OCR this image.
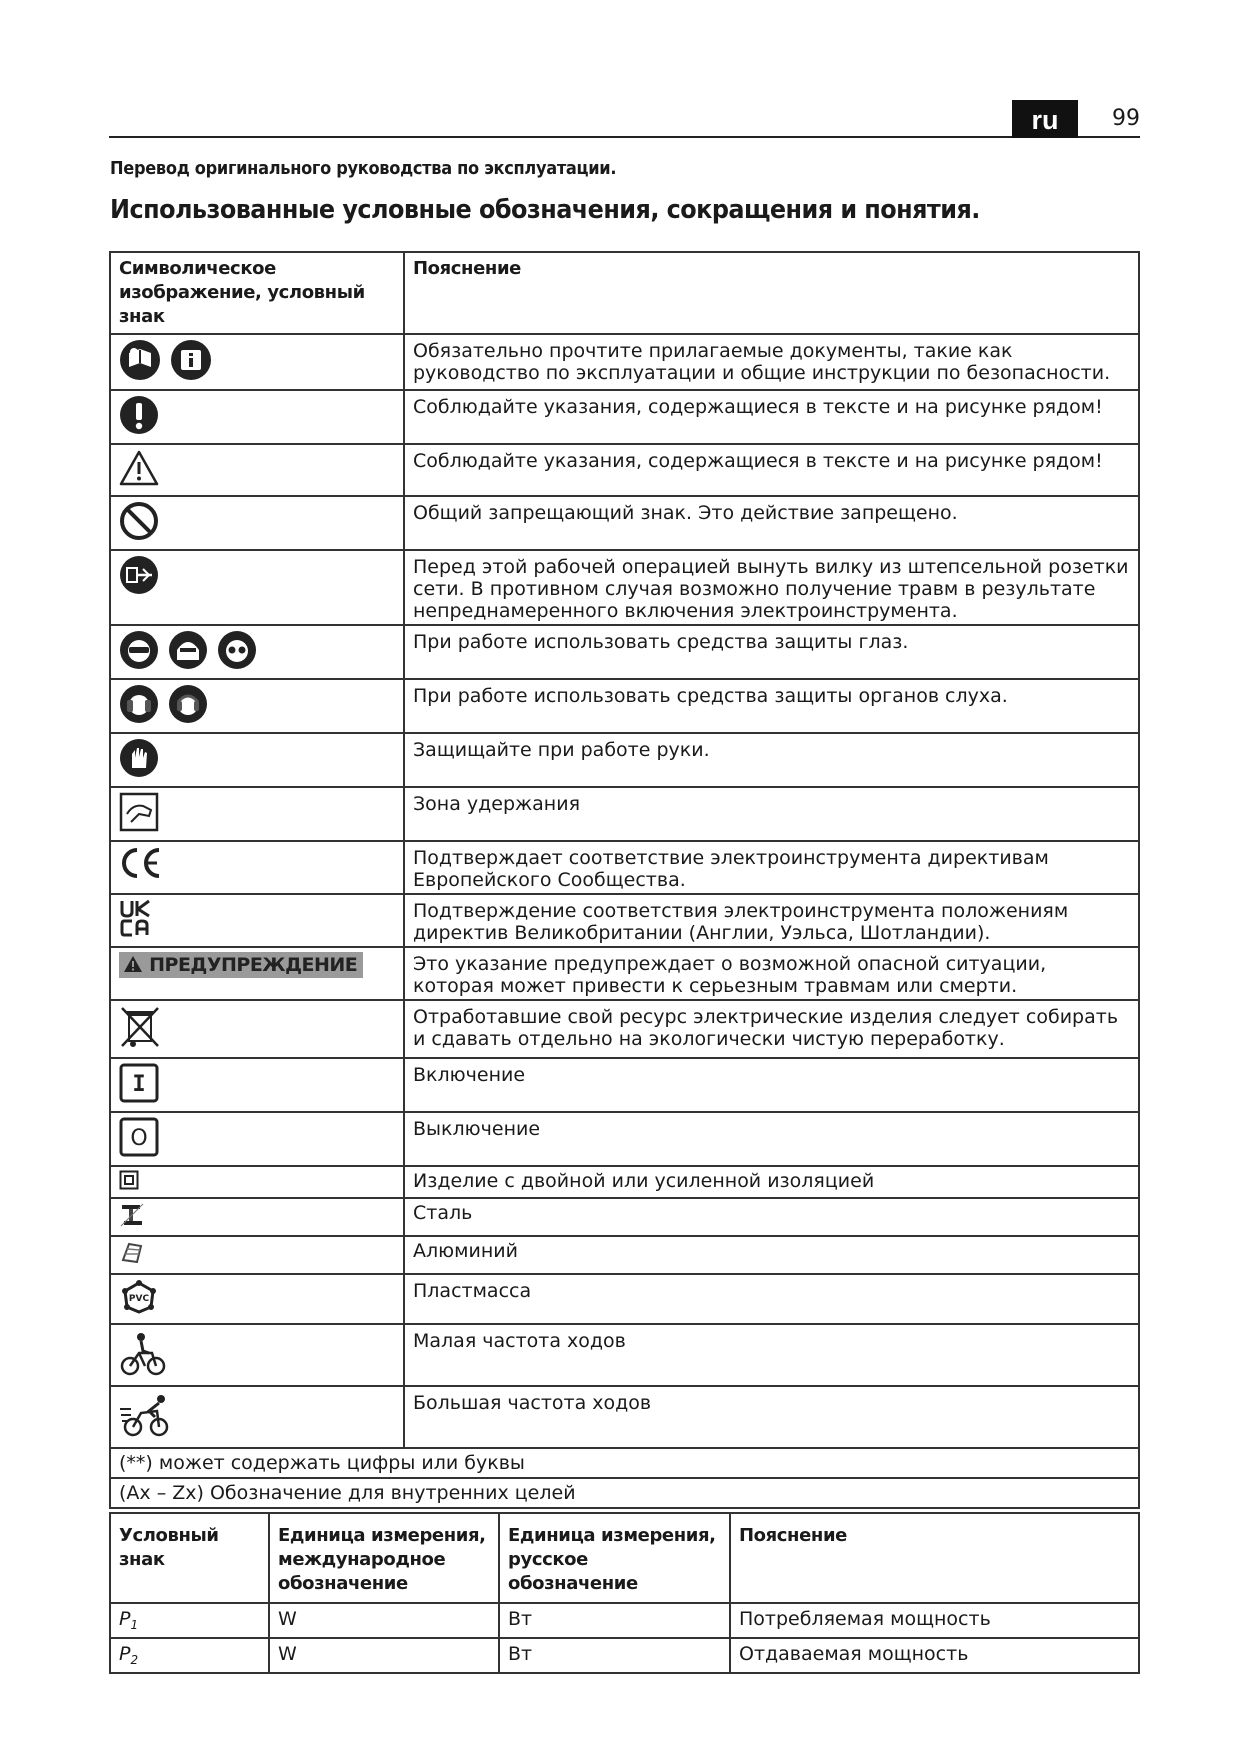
ru	99
Перевод оригинального руководства по эксплуатации.
Использованные условные обозначения, сокращения и понятия.
Символическое изображение, условный знак	Пояснение
	Обязательно прочтите прилагаемые документы, такие как руководство по эксплуатации и общие инструкции по безопасности.
	Соблюдайте указания, содержащиеся в тексте и на рисунке рядом!
	Соблюдайте указания, содержащиеся в тексте и на рисунке рядом!
	Общий запрещающий знак. Это действие запрещено.
	Перед этой рабочей операцией вынуть вилку из штепсельной розетки сети. В противном случая возможно получение травм в результате непреднамеренного включения электроинструмента.
	При работе использовать средства защиты глаз.
	При работе использовать средства защиты органов слуха.
	Защищайте при работе руки.
	Зона удержания
	Подтверждает соответствие электроинструмента директивам Европейского Сообщества.
	Подтверждение соответствия электроинструмента положениям директив Великобритании (Англии, Уэльса, Шотландии).
ПРЕДУПРЕЖДЕНИЕ	Это указание предупреждает о возможной опасной ситуации, которая может привести к серьезным травмам или смерти.
	Отработавшие свой ресурс электрические изделия следует собирать и сдавать отдельно на экологически чистую переработку.

I	Включение

O	Выключение
	Изделие с двойной или усиленной изоляцией
	Сталь
	Алюминий

PVC	Пластмасса
	Малая частота ходов
	Большая частота ходов
(**) может содержать цифры или буквы	
(Ax – Zx) Обозначение для внутренних целей	
Условный знак	Единица измерения, международное обозначение	Единица измерения, русское обозначение	Пояснение
$P_1$	W	Вт	Потребляемая мощность
$P_2$	W	Вт	Отдаваемая мощность
